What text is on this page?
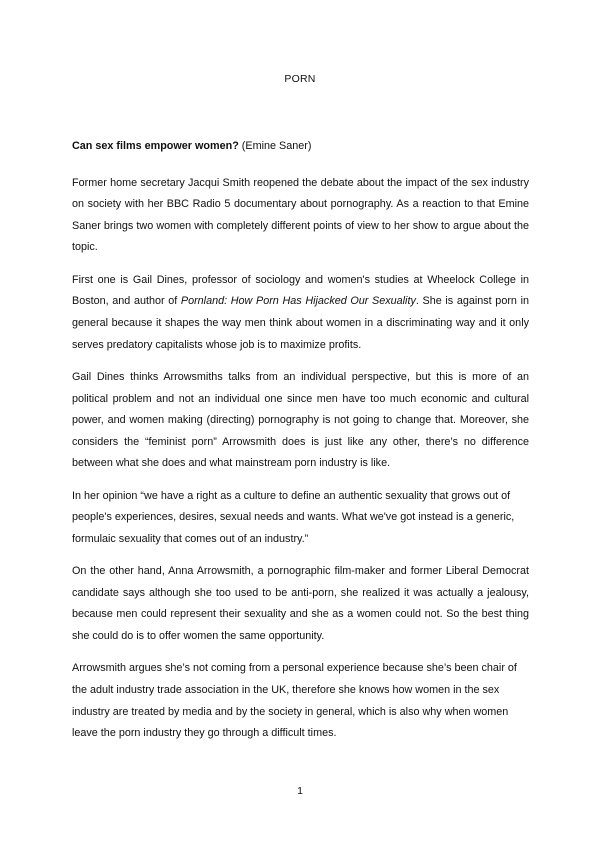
PORN
Can sex films empower women? (Emine Saner)

Former home secretary Jacqui Smith reopened the debate about the impact of the sex industry on society with her BBC Radio 5 documentary about pornography. As a reaction to that Emine Saner brings two women with completely different points of view to her show to argue about the topic.

First one is Gail Dines, professor of sociology and women's studies at Wheelock College in Boston, and author of Pornland: How Porn Has Hijacked Our Sexuality. She is against porn in general because it shapes the way men think about women in a discriminating way and it only serves predatory capitalists whose job is to maximize profits.

Gail Dines thinks Arrowsmiths talks from an individual perspective, but this is more of an political problem and not an individual one since men have too much economic and cultural power, and women making (directing) pornography is not going to change that. Moreover, she considers the “feminist porn” Arrowsmith does is just like any other, there’s no difference between what she does and what mainstream porn industry is like.

In her opinion “we have a right as a culture to define an authentic sexuality that grows out of people's experiences, desires, sexual needs and wants. What we've got instead is a generic, formulaic sexuality that comes out of an industry.”

On the other hand, Anna Arrowsmith, a pornographic film-maker and former Liberal Democrat candidate says although she too used to be anti-porn, she realized it was actually a jealousy, because men could represent their sexuality and she as a women could not. So the best thing she could do is to offer women the same opportunity.

Arrowsmith argues she’s not coming from a personal experience because she’s been chair of the adult industry trade association in the UK, therefore she knows how women in the sex industry are treated by media and by the society in general, which is also why when women leave the porn industry they go through a difficult times.

1
